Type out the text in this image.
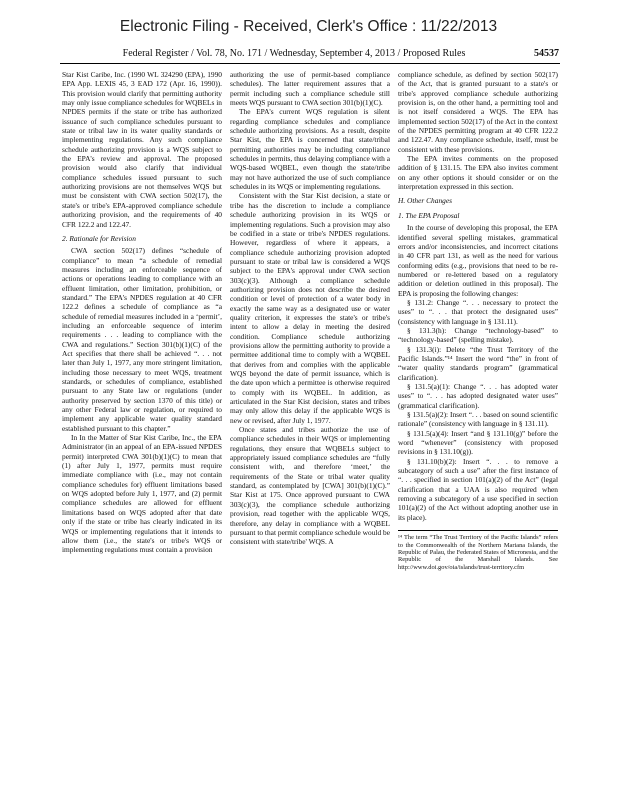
Electronic Filing - Received, Clerk's Office : 11/22/2013
Federal Register / Vol. 78, No. 171 / Wednesday, September 4, 2013 / Proposed Rules	54537

Star Kist Caribe, Inc. (1990 WL 324290 (EPA), 1990 EPA App. LEXIS 45, 3 EAD 172 (Apr. 16, 1990)). This provision would clarify that permitting authority may only issue compliance schedules for WQBELs in NPDES permits if the state or tribe has authorized issuance of such compliance schedules pursuant to state or tribal law in its water quality standards or implementing regulations. Any such compliance schedule authorizing provision is a WQS subject to the EPA's review and approval. The proposed provision would also clarify that individual compliance schedules issued pursuant to such authorizing provisions are not themselves WQS but must be consistent with CWA section 502(17), the state's or tribe's EPA-approved compliance schedule authorizing provision, and the requirements of 40 CFR 122.2 and 122.47.

2. Rationale for Revision

CWA section 502(17) defines “schedule of compliance” to mean “a schedule of remedial measures including an enforceable sequence of actions or operations leading to compliance with an effluent limitation, other limitation, prohibition, or standard.” The EPA's NPDES regulation at 40 CFR 122.2 defines a schedule of compliance as “a schedule of remedial measures included in a ‘permit’, including an enforceable sequence of interim requirements . . . leading to compliance with the CWA and regulations.” Section 301(b)(1)(C) of the Act specifies that there shall be achieved “. . . not later than July 1, 1977, any more stringent limitation, including those necessary to meet WQS, treatment standards, or schedules of compliance, established pursuant to any State law or regulations (under authority preserved by section 1370 of this title) or any other Federal law or regulation, or required to implement any applicable water quality standard established pursuant to this chapter.”

In In the Matter of Star Kist Caribe, Inc., the EPA Administrator (in an appeal of an EPA-issued NPDES permit) interpreted CWA 301(b)(1)(C) to mean that (1) after July 1, 1977, permits must require immediate compliance with (i.e., may not contain compliance schedules for) effluent limitations based on WQS adopted before July 1, 1977, and (2) permit compliance schedules are allowed for effluent limitations based on WQS adopted after that date only if the state or tribe has clearly indicated in its WQS or implementing regulations that it intends to allow them (i.e., the state's or tribe's WQS or implementing regulations must contain a provision

authorizing the use of permit-based compliance schedules). The latter requirement assures that a permit including such a compliance schedule still meets WQS pursuant to CWA section 301(b)(1)(C).

The EPA's current WQS regulation is silent regarding compliance schedules and compliance schedule authorizing provisions. As a result, despite Star Kist, the EPA is concerned that state/tribal permitting authorities may be including compliance schedules in permits, thus delaying compliance with a WQS-based WQBEL, even though the state/tribe may not have authorized the use of such compliance schedules in its WQS or implementing regulations.

Consistent with the Star Kist decision, a state or tribe has the discretion to include a compliance schedule authorizing provision in its WQS or implementing regulations. Such a provision may also be codified in a state or tribe's NPDES regulations. However, regardless of where it appears, a compliance schedule authorizing provision adopted pursuant to state or tribal law is considered a WQS subject to the EPA's approval under CWA section 303(c)(3). Although a compliance schedule authorizing provision does not describe the desired condition or level of protection of a water body in exactly the same way as a designated use or water quality criterion, it expresses the state's or tribe's intent to allow a delay in meeting the desired condition. Compliance schedule authorizing provisions allow the permitting authority to provide a permittee additional time to comply with a WQBEL that derives from and complies with the applicable WQS beyond the date of permit issuance, which is the date upon which a permittee is otherwise required to comply with its WQBEL. In addition, as articulated in the Star Kist decision, states and tribes may only allow this delay if the applicable WQS is new or revised, after July 1, 1977.

Once states and tribes authorize the use of compliance schedules in their WQS or implementing regulations, they ensure that WQBELs subject to appropriately issued compliance schedules are “fully consistent with, and therefore ‘meet,’ the requirements of the State or tribal water quality standard, as contemplated by [CWA] 301(b)(1)(C).” Star Kist at 175. Once approved pursuant to CWA 303(c)(3), the compliance schedule authorizing provision, read together with the applicable WQS, therefore, any delay in compliance with a WQBEL pursuant to that permit compliance schedule would be consistent with state/tribe' WQS. A

compliance schedule, as defined by section 502(17) of the Act, that is granted pursuant to a state's or tribe's approved compliance schedule authorizing provision is, on the other hand, a permitting tool and is not itself considered a WQS. The EPA has implemented section 502(17) of the Act in the context of the NPDES permitting program at 40 CFR 122.2 and 122.47. Any compliance schedule, itself, must be consistent with these provisions.

The EPA invites comments on the proposed addition of § 131.15. The EPA also invites comment on any other options it should consider or on the interpretation expressed in this section.

H. Other Changes
1. The EPA Proposal

In the course of developing this proposal, the EPA identified several spelling mistakes, grammatical errors and/or inconsistencies, and incorrect citations in 40 CFR part 131, as well as the need for various conforming edits (e.g., provisions that need to be re-numbered or re-lettered based on a regulatory addition or deletion outlined in this proposal). The EPA is proposing the following changes:

§ 131.2: Change “. . . necessary to protect the uses” to “. . . that protect the designated uses” (consistency with language in § 131.11).

§ 131.3(h): Change “technology-based” to “technology-based” (spelling mistake).

§ 131.3(i): Delete “the Trust Territory of the Pacific Islands.”¹⁴ Insert the word “the” in front of “water quality standards program” (grammatical clarification).

§ 131.5(a)(1): Change “. . . has adopted water uses” to “. . . has adopted designated water uses” (grammatical clarification).

§ 131.5(a)(2): Insert “. . . based on sound scientific rationale” (consistency with language in § 131.11).

§ 131.5(a)(4): Insert “and § 131.10(g)” before the word “whenever” (consistency with proposed revisions in § 131.10(g)).

§ 131.10(b)(2): Insert “. . . to remove a subcategory of such a use” after the first instance of “. . . specified in section 101(a)(2) of the Act” (legal clarification that a UAA is also required when removing a subcategory of a use specified in section 101(a)(2) of the Act without adopting another use in its place).

¹⁴ The term “The Trust Territory of the Pacific Islands” refers to the Commonwealth of the Northern Mariana Islands, the Republic of Palau, the Federated States of Micronesia, and the Republic of the Marshall Islands. See http://www.doi.gov/oia/islands/trust-territory.cfm
